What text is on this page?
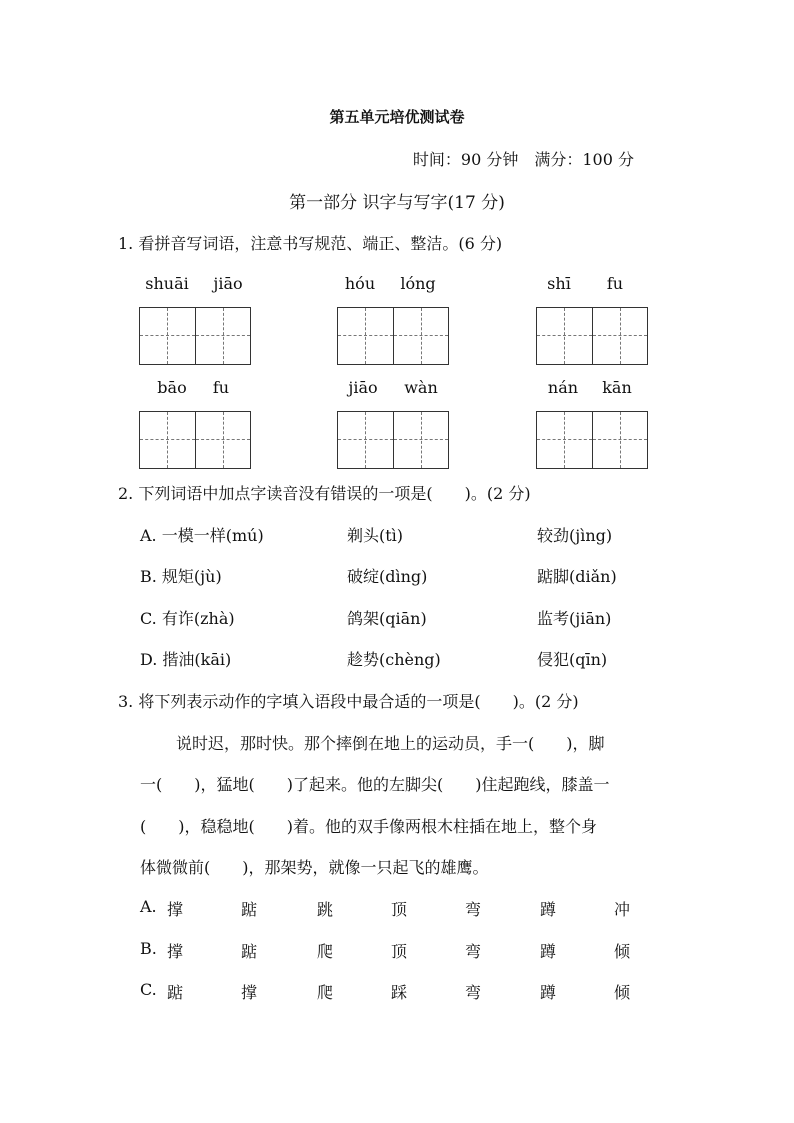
第五单元培优测试卷
时间：90 分钟　满分：100 分
第一部分 识字与写字(17 分)
1. 看拼音写词语，注意书写规范、端正、整洁。(6 分)
shuāi	jiāo	hóu	lóng	shī	fu
bāo	fu	jiāo	wàn	nán	kān
2. 下列词语中加点字读音没有错误的一项是(　　)。(2 分)
A. 一模一样(mú)	剃头(tì)	较劲(jìng)
B. 规矩(jù)	破绽(dìng)	踮脚(diǎn)
C. 有诈(zhà)	鸽架(qiān)	监考(jiān)
D. 揩油(kāi)	趁势(chèng)	侵犯(qīn)
3. 将下列表示动作的字填入语段中最合适的一项是(　　)。(2 分)
说时迟，那时快。那个摔倒在地上的运动员，手一(　　)，脚
一(　　)，猛地(　　)了起来。他的左脚尖(　　)住起跑线，膝盖一
(　　)，稳稳地(　　)着。他的双手像两根木柱插在地上，整个身
体微微前(　　)，那架势，就像一只起飞的雄鹰。
A. 撑	踮	跳	顶	弯	蹲	冲
B. 撑	踮	爬	顶	弯	蹲	倾
C. 踮	撑	爬	踩	弯	蹲	倾
